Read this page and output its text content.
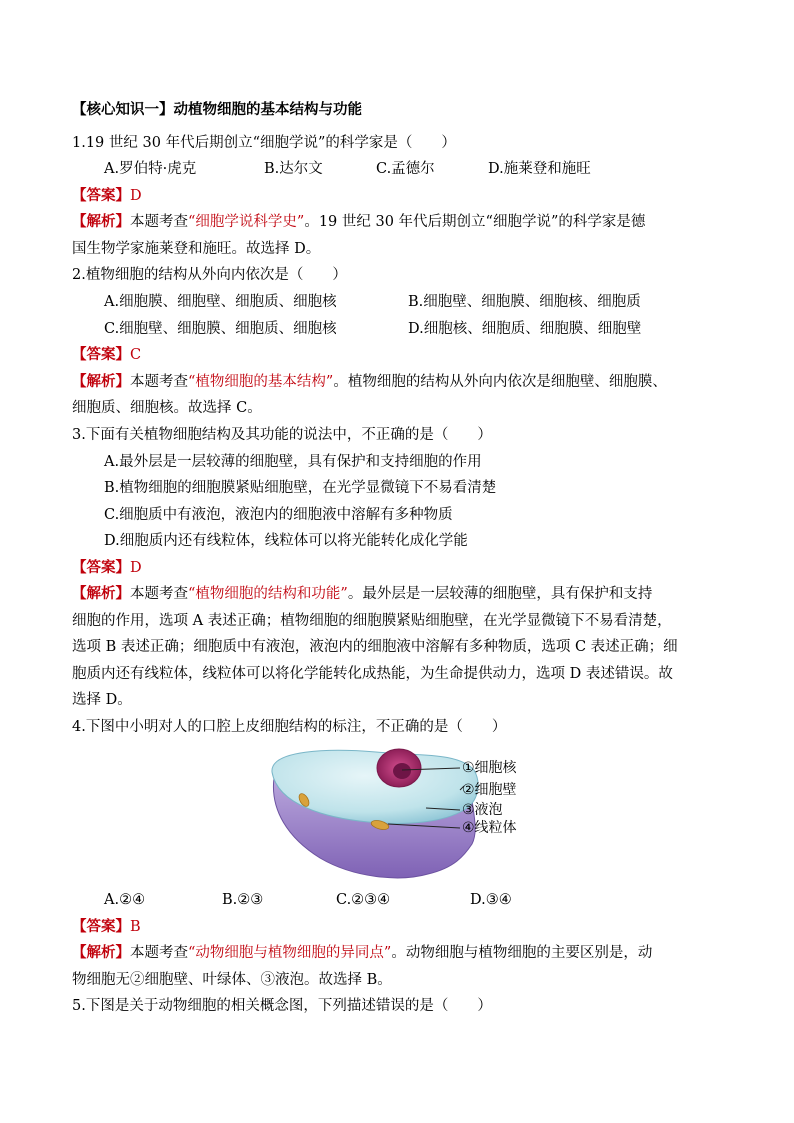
【核心知识一】动植物细胞的基本结构与功能
1.19 世纪 30 年代后期创立“细胞学说”的科学家是（　　）
A.罗伯特·虎克	B.达尔文	C.孟德尔	D.施莱登和施旺
【答案】D
【解析】本题考查“细胞学说科学史”。19 世纪 30 年代后期创立“细胞学说”的科学家是德
国生物学家施莱登和施旺。故选择 D。
2.植物细胞的结构从外向内依次是（　　）
A.细胞膜、细胞壁、细胞质、细胞核	B.细胞壁、细胞膜、细胞核、细胞质
C.细胞壁、细胞膜、细胞质、细胞核	D.细胞核、细胞质、细胞膜、细胞壁
【答案】C
【解析】本题考查“植物细胞的基本结构”。植物细胞的结构从外向内依次是细胞壁、细胞膜、
细胞质、细胞核。故选择 C。
3.下面有关植物细胞结构及其功能的说法中，不正确的是（　　）
A.最外层是一层较薄的细胞壁，具有保护和支持细胞的作用
B.植物细胞的细胞膜紧贴细胞壁，在光学显微镜下不易看清楚
C.细胞质中有液泡，液泡内的细胞液中溶解有多种物质
D.细胞质内还有线粒体，线粒体可以将光能转化成化学能
【答案】D
【解析】本题考查“植物细胞的结构和功能”。最外层是一层较薄的细胞壁，具有保护和支持
细胞的作用，选项 A 表述正确；植物细胞的细胞膜紧贴细胞壁，在光学显微镜下不易看清楚，
选项 B 表述正确；细胞质中有液泡，液泡内的细胞液中溶解有多种物质，选项 C 表述正确；细
胞质内还有线粒体，线粒体可以将化学能转化成热能，为生命提供动力，选项 D 表述错误。故
选择 D。
4.下图中小明对人的口腔上皮细胞结构的标注，不正确的是（　　）
①细胞核
②细胞壁
③液泡
④线粒体
A.②④	B.②③	C.②③④	D.③④
【答案】B
【解析】本题考查“动物细胞与植物细胞的异同点”。动物细胞与植物细胞的主要区别是，动
物细胞无②细胞壁、叶绿体、③液泡。故选择 B。
5.下图是关于动物细胞的相关概念图，下列描述错误的是（　　）
